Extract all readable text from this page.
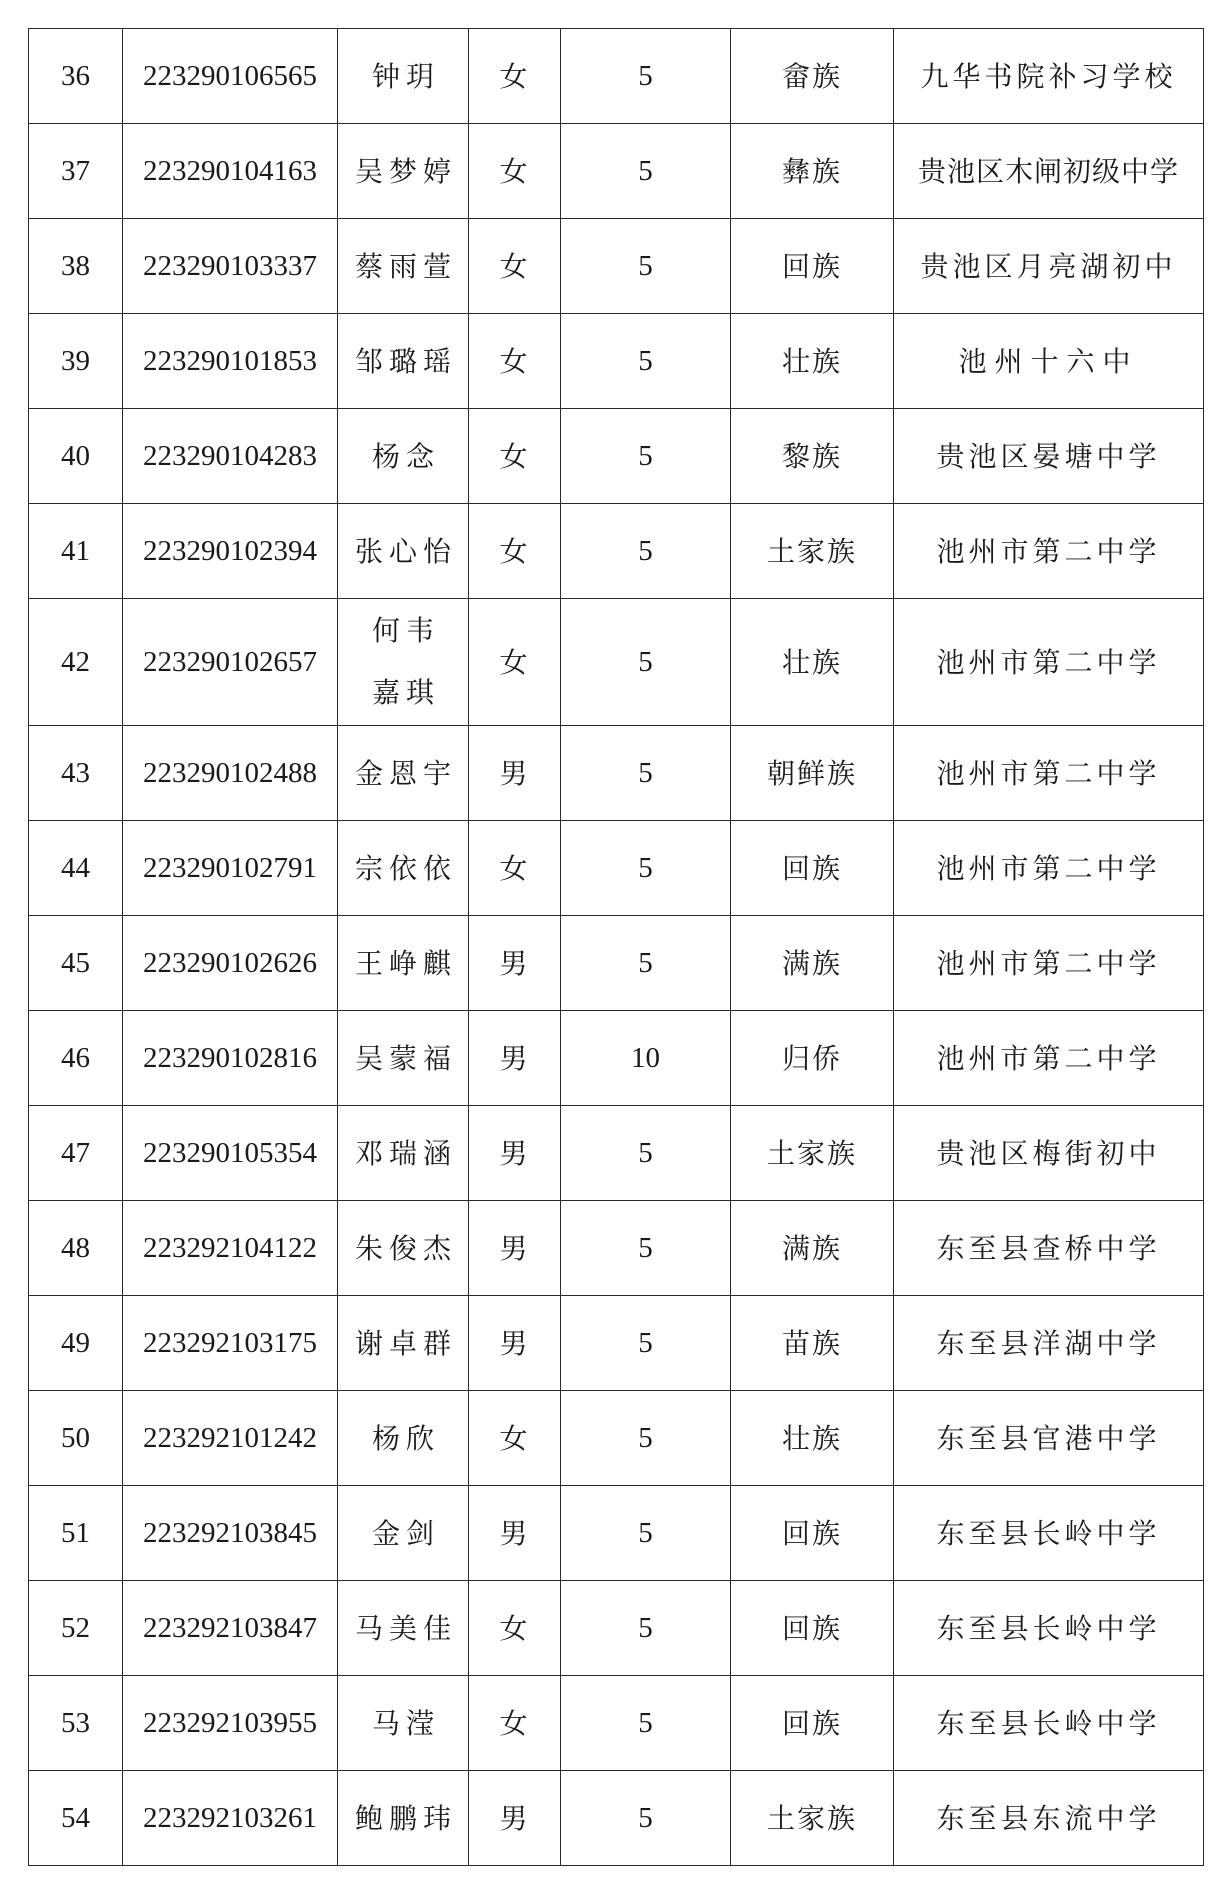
36	223290106565	钟玥	女	5	畲族	九华书院补习学校
37	223290104163	吴梦婷	女	5	彝族	贵池区木闸初级中学
38	223290103337	蔡雨萱	女	5	回族	贵池区月亮湖初中
39	223290101853	邹璐瑶	女	5	壮族	池州十六中
40	223290104283	杨念	女	5	黎族	贵池区晏塘中学
41	223290102394	张心怡	女	5	土家族	池州市第二中学
42	223290102657	何韦嘉琪	女	5	壮族	池州市第二中学
43	223290102488	金恩宇	男	5	朝鲜族	池州市第二中学
44	223290102791	宗依依	女	5	回族	池州市第二中学
45	223290102626	王峥麒	男	5	满族	池州市第二中学
46	223290102816	吴蒙福	男	10	归侨	池州市第二中学
47	223290105354	邓瑞涵	男	5	土家族	贵池区梅街初中
48	223292104122	朱俊杰	男	5	满族	东至县查桥中学
49	223292103175	谢卓群	男	5	苗族	东至县洋湖中学
50	223292101242	杨欣	女	5	壮族	东至县官港中学
51	223292103845	金剑	男	5	回族	东至县长岭中学
52	223292103847	马美佳	女	5	回族	东至县长岭中学
53	223292103955	马滢	女	5	回族	东至县长岭中学
54	223292103261	鲍鹏玮	男	5	土家族	东至县东流中学
